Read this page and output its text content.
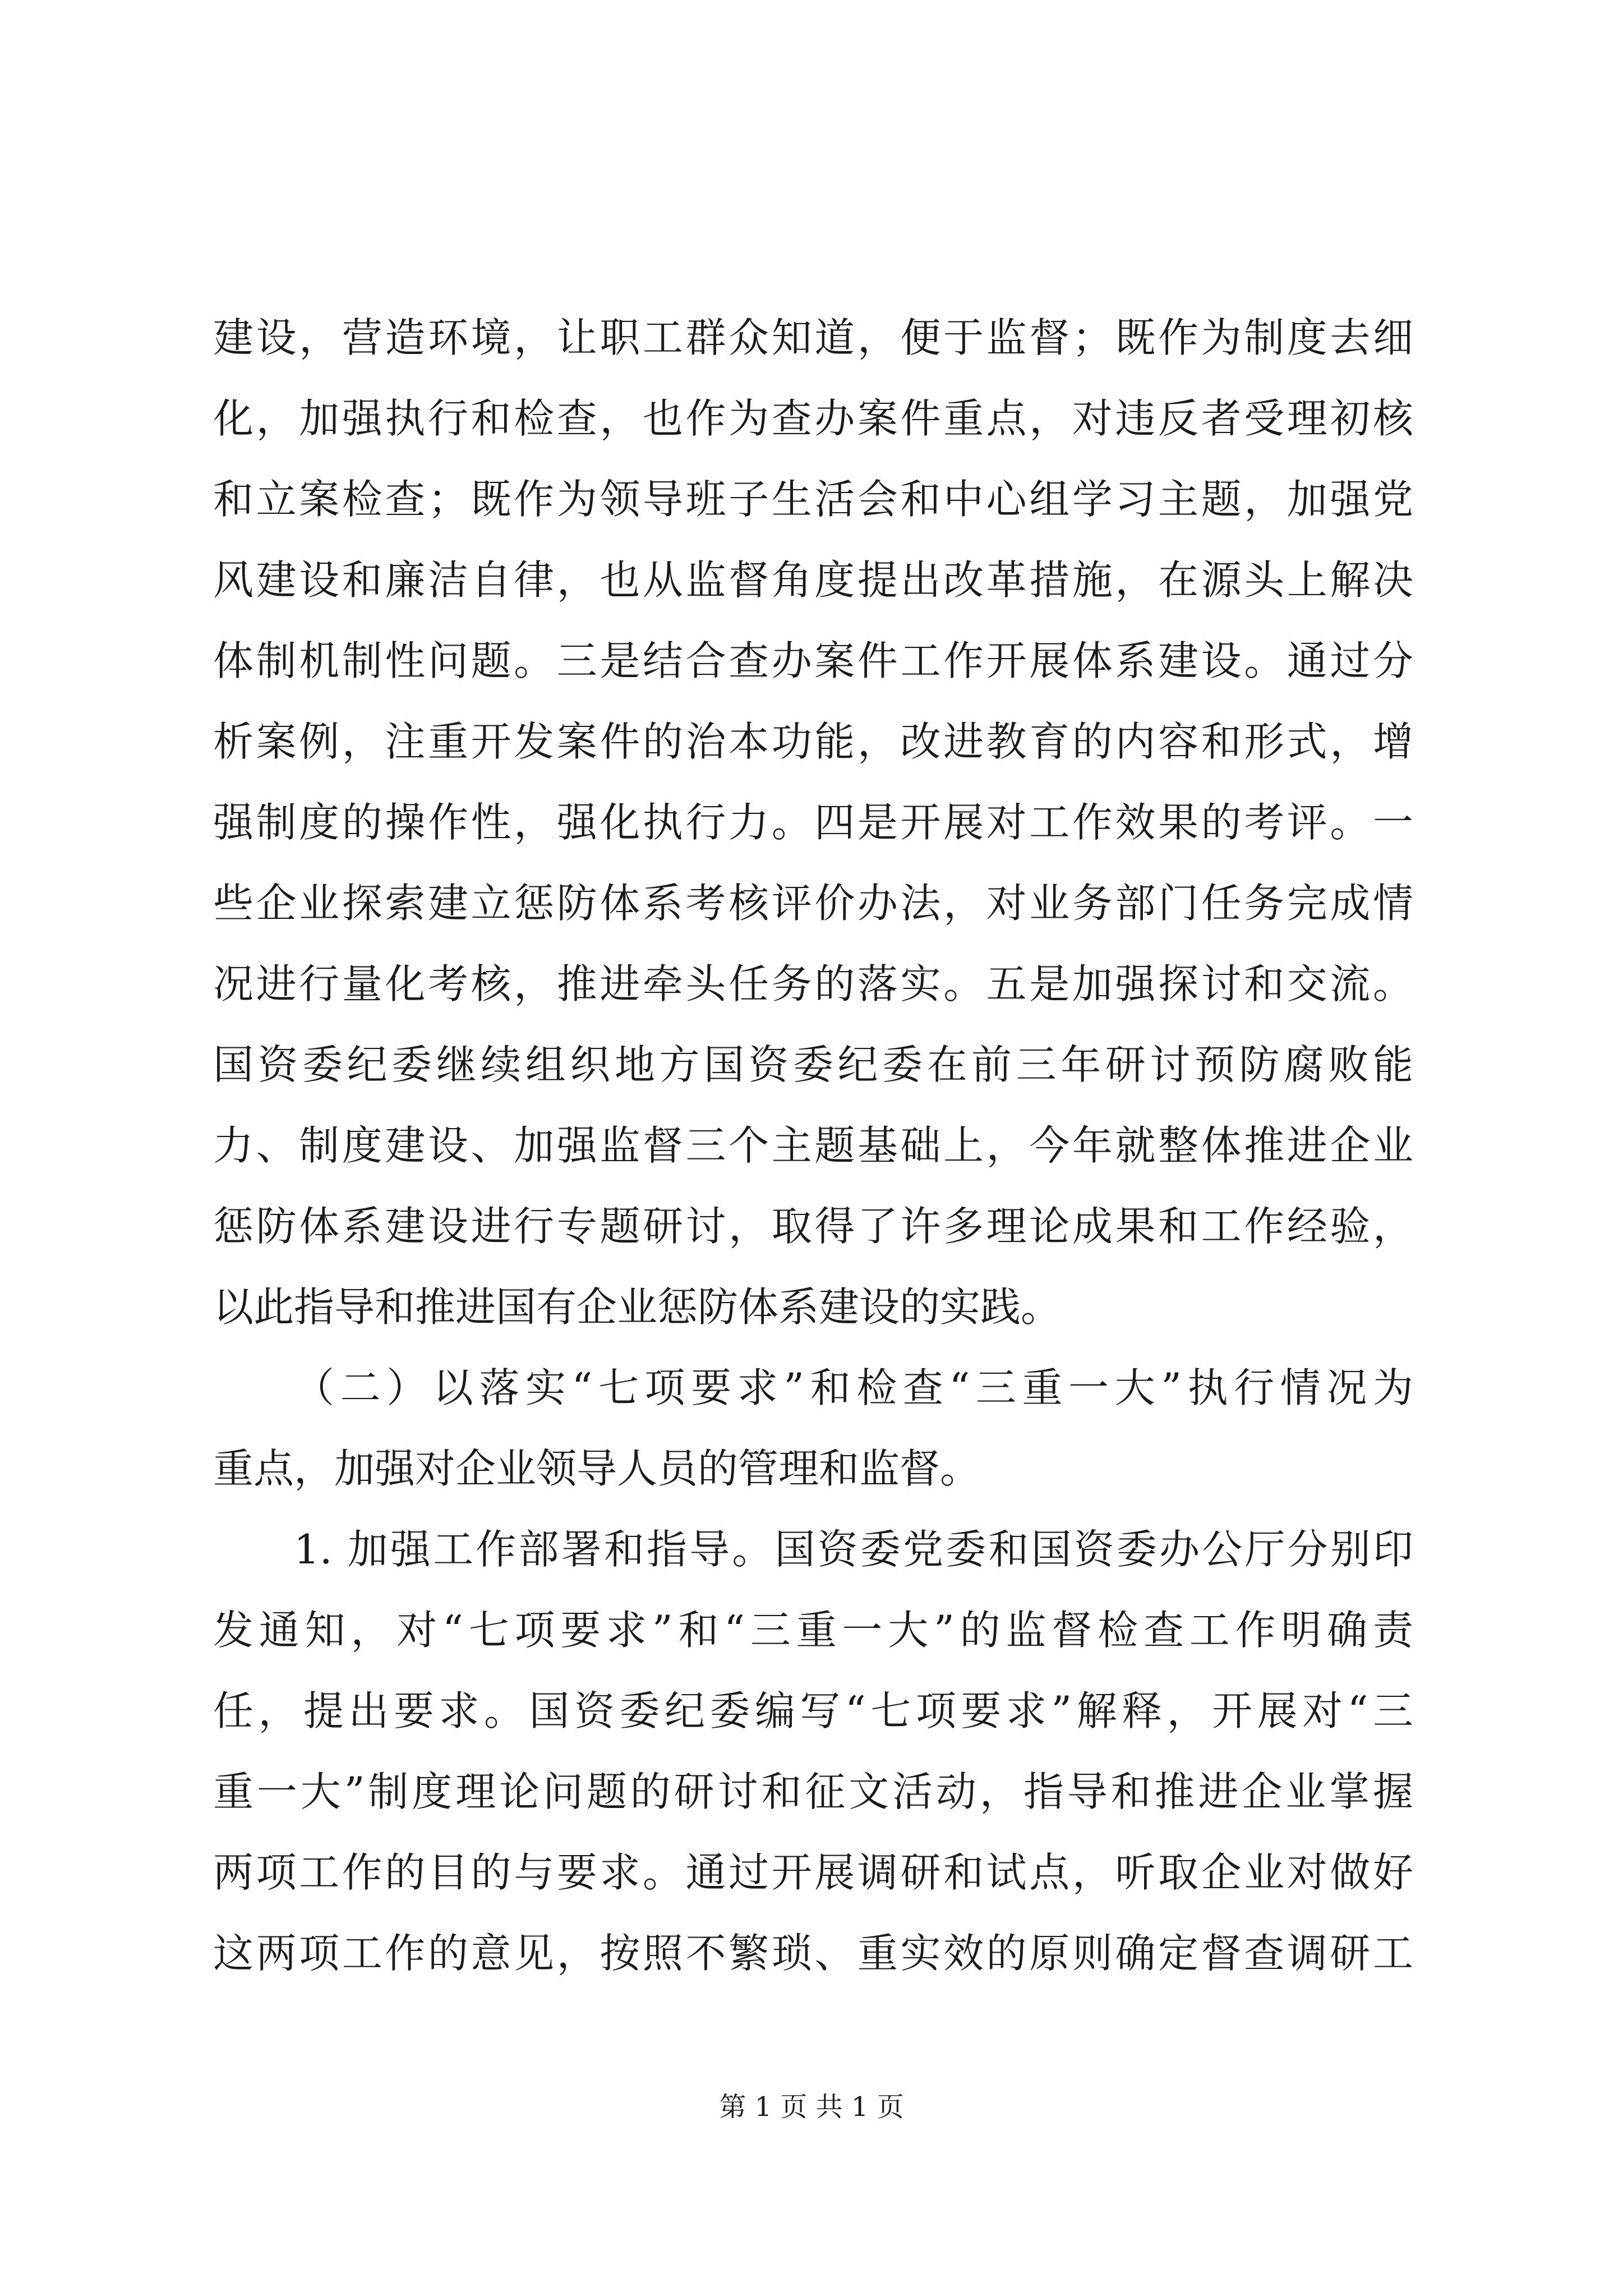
建设，营造环境，让职工群众知道，便于监督；既作为制度去细
化，加强执行和检查，也作为查办案件重点，对违反者受理初核
和立案检查；既作为领导班子生活会和中心组学习主题，加强党
风建设和廉洁自律，也从监督角度提出改革措施，在源头上解决
体制机制性问题。三是结合查办案件工作开展体系建设。通过分
析案例，注重开发案件的治本功能，改进教育的内容和形式，增
强制度的操作性，强化执行力。四是开展对工作效果的考评。一
些企业探索建立惩防体系考核评价办法，对业务部门任务完成情
况进行量化考核，推进牵头任务的落实。五是加强探讨和交流。
国资委纪委继续组织地方国资委纪委在前三年研讨预防腐败能
力、制度建设、加强监督三个主题基础上，今年就整体推进企业
惩防体系建设进行专题研讨，取得了许多理论成果和工作经验，
以此指导和推进国有企业惩防体系建设的实践。
（二）以落实“七项要求”和检查“三重一大”执行情况为
重点，加强对企业领导人员的管理和监督。
1. 加强工作部署和指导。国资委党委和国资委办公厅分别印
发通知，对“七项要求”和“三重一大”的监督检查工作明确责
任，提出要求。国资委纪委编写“七项要求”解释，开展对“三
重一大”制度理论问题的研讨和征文活动，指导和推进企业掌握
两项工作的目的与要求。通过开展调研和试点，听取企业对做好
这两项工作的意见，按照不繁琐、重实效的原则确定督查调研工
第 1 页 共 1 页
